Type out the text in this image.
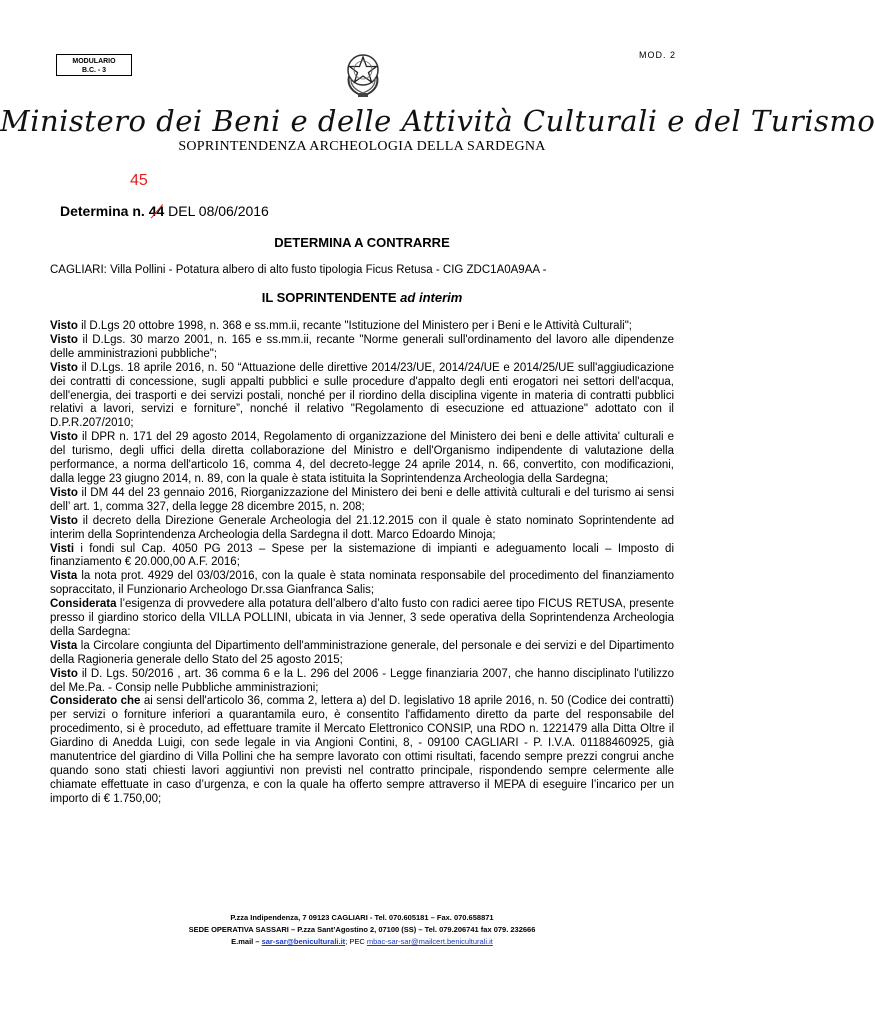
MODULARIO
B.C. - 3
MOD. 2
Ministero dei Beni e delle Attività Culturali e del Turismo
SOPRINTENDENZA ARCHEOLOGIA DELLA SARDEGNA
45
Determina n. 44 DEL 08/06/2016
DETERMINA A CONTRARRE
CAGLIARI: Villa Pollini - Potatura albero di alto fusto tipologia Ficus Retusa - CIG ZDC1A0A9AA -
IL SOPRINTENDENTE ad interim

Visto il D.Lgs 20 ottobre 1998, n. 368 e ss.mm.ii, recante "Istituzione del Ministero per i Beni e le Attività Culturali";

Visto il D.Lgs. 30 marzo 2001, n. 165 e ss.mm.ii, recante "Norme generali sull'ordinamento del lavoro alle dipendenze delle amministrazioni pubbliche";

Visto il D.Lgs. 18 aprile 2016, n. 50 “Attuazione delle direttive 2014/23/UE, 2014/24/UE e 2014/25/UE sull'aggiudicazione dei contratti di concessione, sugli appalti pubblici e sulle procedure d'appalto degli enti erogatori nei settori dell'acqua, dell'energia, dei trasporti e dei servizi postali, nonché per il riordino della disciplina vigente in materia di contratti pubblici relativi a lavori, servizi e forniture”, nonché il relativo "Regolamento di esecuzione ed attuazione" adottato con il D.P.R.207/2010;

Visto il DPR n. 171 del 29 agosto 2014, Regolamento di organizzazione del Ministero dei beni e delle attivita' culturali e del turismo, degli uffici della diretta collaborazione del Ministro e dell'Organismo indipendente di valutazione della performance, a norma dell'articolo 16, comma 4, del decreto-legge 24 aprile 2014, n. 66, convertito, con modificazioni, dalla legge 23 giugno 2014, n. 89, con la quale è stata istituita la Soprintendenza Archeologia della Sardegna;

Visto il DM 44 del 23 gennaio 2016, Riorganizzazione del Ministero dei beni e delle attività culturali e del turismo ai sensi dell’ art. 1, comma 327, della legge 28 dicembre 2015, n. 208;

Visto il decreto della Direzione Generale Archeologia del 21.12.2015 con il quale è stato nominato Soprintendente ad interim della Soprintendenza Archeologia della Sardegna il dott. Marco Edoardo Minoja;

Visti i fondi sul Cap. 4050 PG 2013 – Spese per la sistemazione di impianti e adeguamento locali – Imposto di finanziamento € 20.000,00 A.F. 2016;

Vista la nota prot. 4929 del 03/03/2016, con la quale è stata nominata responsabile del procedimento del finanziamento sopraccitato, il Funzionario Archeologo Dr.ssa Gianfranca Salis;

Considerata l’esigenza di provvedere alla potatura dell’albero d’alto fusto con radici aeree tipo FICUS RETUSA, presente presso il giardino storico della VILLA POLLINI, ubicata in via Jenner, 3 sede operativa della Soprintendenza Archeologia della Sardegna:

Vista la Circolare congiunta del Dipartimento dell'amministrazione generale, del personale e dei servizi e del Dipartimento della Ragioneria generale dello Stato del 25 agosto 2015;

Visto il D. Lgs. 50/2016 , art. 36 comma 6 e la L. 296 del 2006 - Legge finanziaria 2007, che hanno disciplinato l'utilizzo del Me.Pa. - Consip nelle Pubbliche amministrazioni;

Considerato che ai sensi dell'articolo 36, comma 2, lettera a) del D. legislativo 18 aprile 2016, n. 50 (Codice dei contratti) per servizi o forniture inferiori a quarantamila euro, è consentito l'affidamento diretto da parte del responsabile del procedimento, si è proceduto, ad effettuare tramite il Mercato Elettronico CONSIP, una RDO n. 1221479 alla Ditta Oltre il Giardino di Anedda Luigi, con sede legale in via Angioni Contini, 8, - 09100 CAGLIARI - P. I.V.A. 01188460925, già manutentrice del giardino di Villa Pollini che ha sempre lavorato con ottimi risultati, facendo sempre prezzi congrui anche quando sono stati chiesti lavori aggiuntivi non previsti nel contratto principale, rispondendo sempre celermente alle chiamate effettuate in caso d’urgenza, e con la quale ha offerto sempre attraverso il MEPA di eseguire l’incarico per un importo di € 1.750,00;

P.zza Indipendenza, 7 09123 CAGLIARI - Tel. 070.605181 – Fax. 070.658871
SEDE OPERATIVA SASSARI – P.zza Sant’Agostino 2, 07100 (SS) – Tel. 079.206741 fax 079. 232666
E.mail – sar-sar@beniculturali.it; PEC mbac-sar-sar@mailcert.beniculturali.it
